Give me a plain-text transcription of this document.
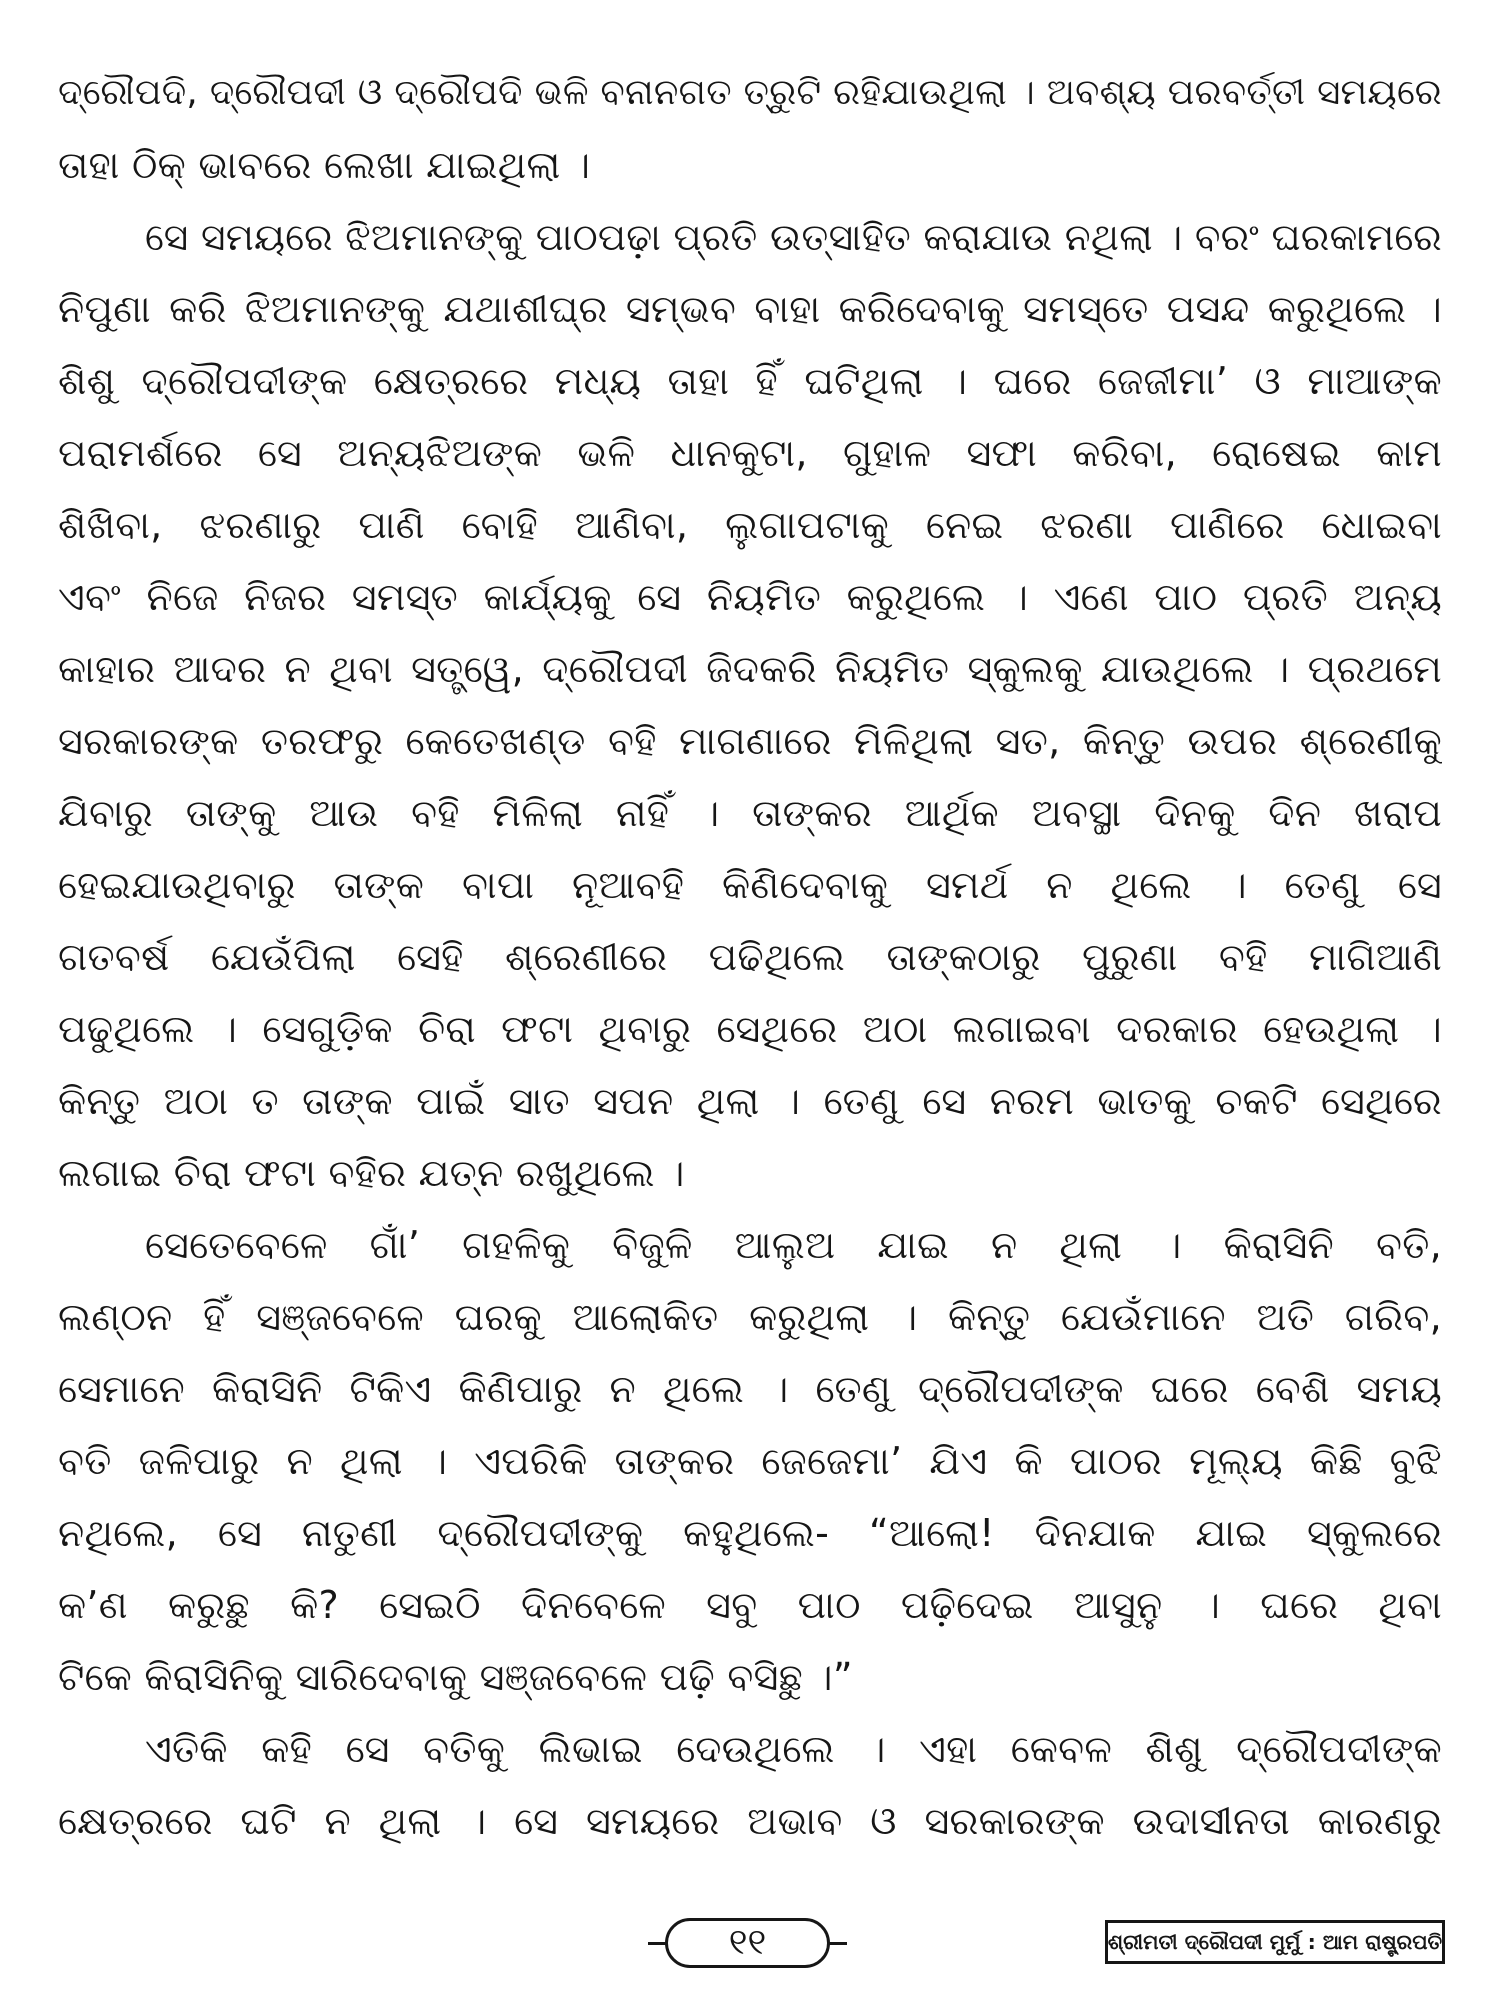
ଦ୍ରୌପଦି, ଦ୍ରୌପଦୀ ଓ ଦ୍ରୌପଦି ଭଳି ବନାନଗତ ତ୍ରୁଟି ରହିଯାଉଥିଲା । ଅବଶ୍ୟ ପରବର୍ତ୍ତୀ ସମୟରେ
ତାହା ଠିକ୍ ଭାବରେ ଲେଖା ଯାଇଥିଲା ।
ସେ ସମୟରେ ଝିଅମାନଙ୍କୁ ପାଠପଢ଼ା ପ୍ରତି ଉତ୍ସାହିତ କରାଯାଉ ନଥିଲା । ବରଂ ଘରକାମରେ
ନିପୁଣା କରି ଝିଅମାନଙ୍କୁ ଯଥାଶୀଘ୍ର ସମ୍ଭବ ବାହା କରିଦେବାକୁ ସମସ୍ତେ ପସନ୍ଦ କରୁଥିଲେ ।
ଶିଶୁ ଦ୍ରୌପଦୀଙ୍କ କ୍ଷେତ୍ରରେ ମଧ୍ୟ ତାହା ହିଁ ଘଟିଥିଲା । ଘରେ ଜେଜୀମା’ ଓ ମାଆଙ୍କ
ପରାମର୍ଶରେ ସେ ଅନ୍ୟଝିଅଙ୍କ ଭଳି ଧାନକୁଟା, ଗୁହାଳ ସଫା କରିବା, ରୋଷେଇ କାମ
ଶିଖିବା, ଝରଣାରୁ ପାଣି ବୋହି ଆଣିବା, ଲୁଗାପଟାକୁ ନେଇ ଝରଣା ପାଣିରେ ଧୋଇବା
ଏବଂ ନିଜେ ନିଜର ସମସ୍ତ କାର୍ଯ୍ୟକୁ ସେ ନିୟମିତ କରୁଥିଲେ । ଏଣେ ପାଠ ପ୍ରତି ଅନ୍ୟ
କାହାର ଆଦର ନ ଥିବା ସତ୍ତ୍ୱେ, ଦ୍ରୌପଦୀ ଜିଦକରି ନିୟମିତ ସ୍କୁଲକୁ ଯାଉଥିଲେ । ପ୍ରଥମେ
ସରକାରଙ୍କ ତରଫରୁ କେତେଖଣ୍ଡ ବହି ମାଗଣାରେ ମିଳିଥିଲା ସତ, କିନ୍ତୁ ଉପର ଶ୍ରେଣୀକୁ
ଯିବାରୁ ତାଙ୍କୁ ଆଉ ବହି ମିଳିଲା ନାହିଁ । ତାଙ୍କର ଆର୍ଥିକ ଅବସ୍ଥା ଦିନକୁ ଦିନ ଖରାପ
ହେଇଯାଉଥିବାରୁ ତାଙ୍କ ବାପା ନୂଆବହି କିଣିଦେବାକୁ ସମର୍ଥ ନ ଥିଲେ । ତେଣୁ ସେ
ଗତବର୍ଷ ଯେଉଁପିଲା ସେହି ଶ୍ରେଣୀରେ ପଢିଥିଲେ ତାଙ୍କଠାରୁ ପୁରୁଣା ବହି ମାଗିଆଣି
ପଢୁଥିଲେ । ସେଗୁଡ଼ିକ ଚିରା ଫଟା ଥିବାରୁ ସେଥିରେ ଅଠା ଲଗାଇବା ଦରକାର ହେଉଥିଲା ।
କିନ୍ତୁ ଅଠା ତ ତାଙ୍କ ପାଇଁ ସାତ ସପନ ଥିଲା । ତେଣୁ ସେ ନରମ ଭାତକୁ ଚକଟି ସେଥିରେ
ଲଗାଇ ଚିରା ଫଟା ବହିର ଯତ୍ନ ରଖୁଥିଲେ ।
ସେତେବେଳେ ଗାଁ’ ଗହଳିକୁ ବିଜୁଳି ଆଲୁଅ ଯାଇ ନ ଥିଲା । କିରାସିନି ବତି,
ଲଣ୍ଠନ ହିଁ ସଞ୍ଜବେଳେ ଘରକୁ ଆଲୋକିତ କରୁଥିଲା । କିନ୍ତୁ ଯେଉଁମାନେ ଅତି ଗରିବ,
ସେମାନେ କିରାସିନି ଟିକିଏ କିଣିପାରୁ ନ ଥିଲେ । ତେଣୁ ଦ୍ରୌପଦୀଙ୍କ ଘରେ ବେଶି ସମୟ
ବତି ଜଳିପାରୁ ନ ଥିଲା । ଏପରିକି ତାଙ୍କର ଜେଜେମା’ ଯିଏ କି ପାଠର ମୂଲ୍ୟ କିଛି ବୁଝି
ନଥିଲେ, ସେ ନାତୁଣୀ ଦ୍ରୌପଦୀଙ୍କୁ କହୁଥିଲେ- “ଆଲୋ! ଦିନଯାକ ଯାଇ ସ୍କୁଲରେ
କ’ଣ କରୁଛୁ କି? ସେଇଠି ଦିନବେଳେ ସବୁ ପାଠ ପଢ଼ିଦେଇ ଆସୁନୁ । ଘରେ ଥିବା
ଟିକେ କିରାସିନିକୁ ସାରିଦେବାକୁ ସଞ୍ଜବେଳେ ପଢ଼ି ବସିଛୁ ।”
ଏତିକି କହି ସେ ବତିକୁ ଲିଭାଇ ଦେଉଥିଲେ । ଏହା କେବଳ ଶିଶୁ ଦ୍ରୌପଦୀଙ୍କ
କ୍ଷେତ୍ରରେ ଘଟି ନ ଥିଲା । ସେ ସମୟରେ ଅଭାବ ଓ ସରକାରଙ୍କ ଉଦାସୀନତା କାରଣରୁ
୧୧	ଶ୍ରୀମତୀ ଦ୍ରୌପଦୀ ମୁର୍ମୁ : ଆମ ରାଷ୍ଟ୍ରପତି
